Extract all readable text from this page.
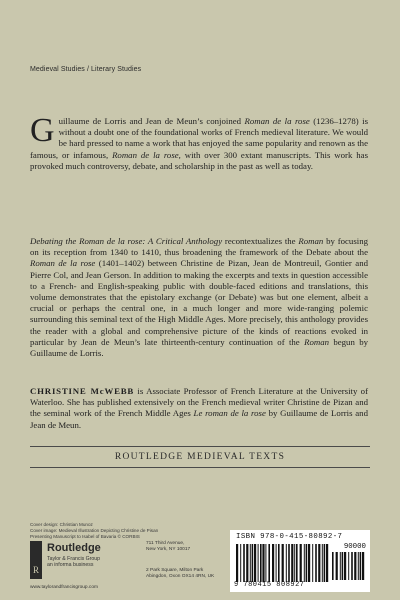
Medieval Studies / Literary Studies
Guillaume de Lorris and Jean de Meun’s conjoined Roman de la rose (1236–1278) is without a doubt one of the foundational works of French medieval literature. We would be hard pressed to name a work that has enjoyed the same popularity and renown as the famous, or infamous, Roman de la rose, with over 300 extant manuscripts. This work has provoked much controversy, debate, and scholarship in the past as well as today.
Debating the Roman de la rose: A Critical Anthology recontextualizes the Roman by focusing on its reception from 1340 to 1410, thus broadening the framework of the Debate about the Roman de la rose (1401–1402) between Christine de Pizan, Jean de Montreuil, Gontier and Pierre Col, and Jean Gerson. In addition to making the excerpts and texts in question accessible to a French- and English-speaking public with double-faced editions and translations, this volume demonstrates that the epistolary exchange (or Debate) was but one element, albeit a crucial or perhaps the central one, in a much longer and more wide-ranging polemic surrounding this seminal text of the High Middle Ages. More precisely, this anthology provides the reader with a global and comprehensive picture of the kinds of reactions evoked in particular by Jean de Meun’s late thirteenth-century continuation of the Roman begun by Guillaume de Lorris.
CHRISTINE McWEBB is Associate Professor of French Literature at the University of Waterloo. She has published extensively on the French medieval writer Christine de Pizan and the seminal work of the French Middle Ages Le roman de la rose by Guillaume de Lorris and Jean de Meun.
ROUTLEDGE MEDIEVAL TEXTS
Cover design: Christian Munoz
Cover image: Medieval Illustration Depicting Christine de Pisan
Presenting Manuscript to Isabel of Bavaria © CORBIS
R
Routledge
Taylor & Francis Group
an informa business
www.taylorandfrancisgroup.com
711 Third Avenue,
New York, NY 10017
2 Park Square, Milton Park
Abingdon, Oxon OX14 4RN, UK
ISBN 978-0-415-80892-7
90000
9 780415 808927
